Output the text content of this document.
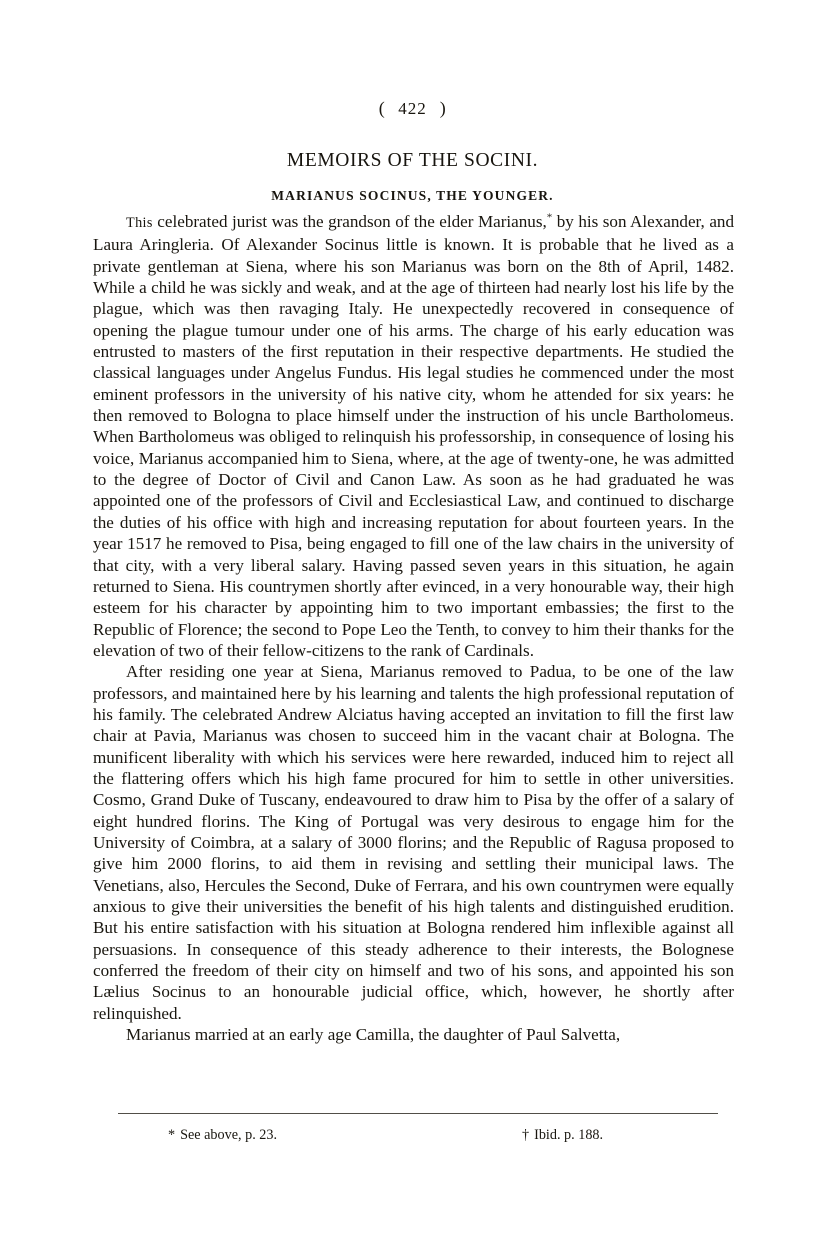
( 422 )
MEMOIRS OF THE SOCINI.
MARIANUS SOCINUS, THE YOUNGER.

This celebrated jurist was the grandson of the elder Marianus,* by his son Alexander, and Laura Aringleria. Of Alexander Socinus little is known. It is probable that he lived as a private gentleman at Siena, where his son Marianus was born on the 8th of April, 1482. While a child he was sickly and weak, and at the age of thirteen had nearly lost his life by the plague, which was then ravaging Italy. He unexpectedly recovered in consequence of opening the plague tumour under one of his arms. The charge of his early education was entrusted to masters of the first reputation in their respective departments. He studied the classical languages under Angelus Fundus. His legal studies he commenced under the most eminent professors in the university of his native city, whom he attended for six years: he then removed to Bologna to place himself under the instruction of his uncle Bartholomeus. When Bartholomeus was obliged to relinquish his professorship, in consequence of losing his voice, Marianus accompanied him to Siena, where, at the age of twenty-one, he was admitted to the degree of Doctor of Civil and Canon Law. As soon as he had graduated he was appointed one of the professors of Civil and Ecclesiastical Law, and continued to discharge the duties of his office with high and increasing reputation for about fourteen years. In the year 1517 he removed to Pisa, being engaged to fill one of the law chairs in the university of that city, with a very liberal salary. Having passed seven years in this situation, he again returned to Siena. His countrymen shortly after evinced, in a very honourable way, their high esteem for his character by appointing him to two important embassies; the first to the Republic of Florence; the second to Pope Leo the Tenth, to convey to him their thanks for the elevation of two of their fellow-citizens to the rank of Cardinals.

After residing one year at Siena, Marianus removed to Padua, to be one of the law professors, and maintained here by his learning and talents the high professional reputation of his family. The celebrated Andrew Alciatus having accepted an invitation to fill the first law chair at Pavia, Marianus was chosen to succeed him in the vacant chair at Bologna. The munificent liberality with which his services were here rewarded, induced him to reject all the flattering offers which his high fame procured for him to settle in other universities. Cosmo, Grand Duke of Tuscany, endeavoured to draw him to Pisa by the offer of a salary of eight hundred florins. The King of Portugal was very desirous to engage him for the University of Coimbra, at a salary of 3000 florins; and the Republic of Ragusa proposed to give him 2000 florins, to aid them in revising and settling their municipal laws. The Venetians, also, Hercules the Second, Duke of Ferrara, and his own countrymen were equally anxious to give their universities the benefit of his high talents and distinguished erudition. But his entire satisfaction with his situation at Bologna rendered him inflexible against all persuasions. In consequence of this steady adherence to their interests, the Bolognese conferred the freedom of their city on himself and two of his sons, and appointed his son Lælius Socinus to an honourable judicial office, which, however, he shortly after relinquished.

Marianus married at an early age Camilla, the daughter of Paul Salvetta,

* See above, p. 23.	† Ibid. p. 188.
